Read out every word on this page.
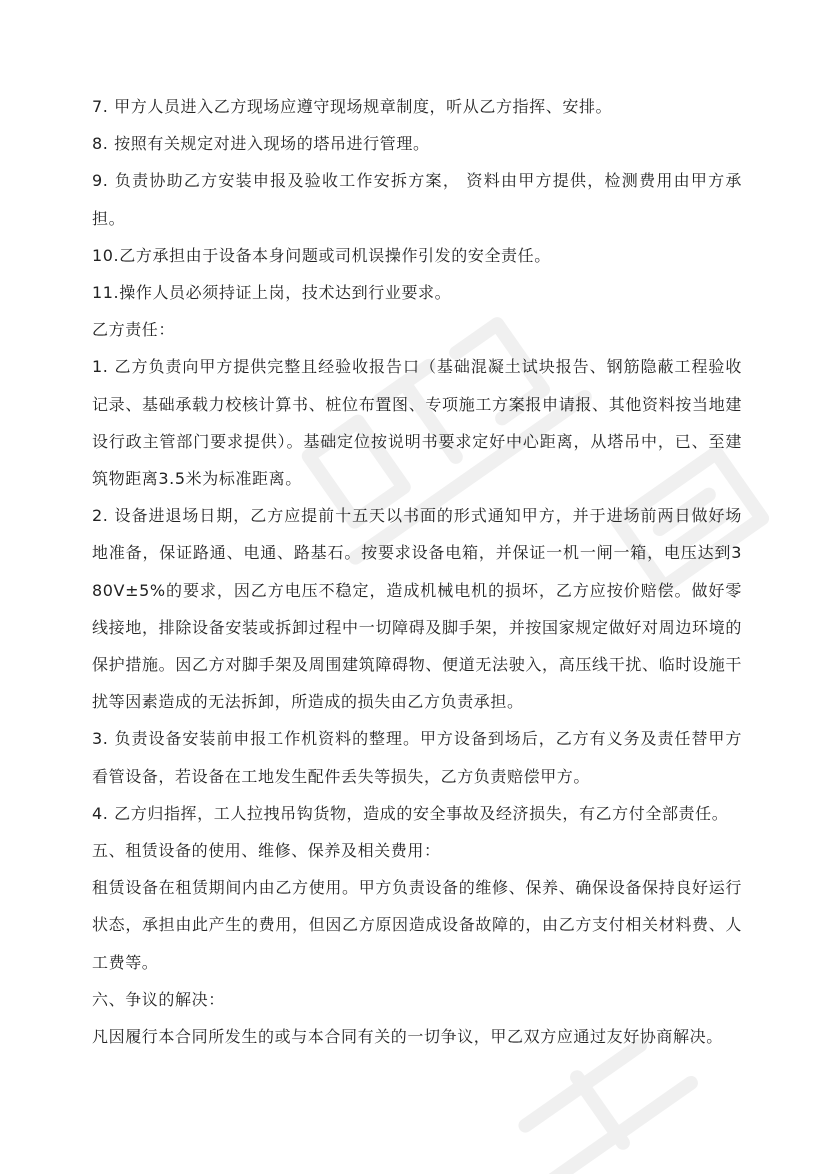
7. 甲方人员进入乙方现场应遵守现场规章制度，听从乙方指挥、安排。

8. 按照有关规定对进入现场的塔吊进行管理。

9. 负责协助乙方安装申报及验收工作安拆方案， 资料由甲方提供，检测费用由甲方承担。

10.乙方承担由于设备本身问题或司机误操作引发的安全责任。

11.操作人员必须持证上岗，技术达到行业要求。

乙方责任：

1. 乙方负责向甲方提供完整且经验收报告口（基础混凝土试块报告、钢筋隐蔽工程验收记录、基础承载力校核计算书、桩位布置图、专项施工方案报申请报、其他资料按当地建设行政主管部门要求提供）。基础定位按说明书要求定好中心距离，从塔吊中，已、至建筑物距离3.5米为标准距离。

2. 设备进退场日期，乙方应提前十五天以书面的形式通知甲方，并于进场前两日做好场地准备，保证路通、电通、路基石。按要求设备电箱，并保证一机一闸一箱，电压达到380V±5%的要求，因乙方电压不稳定，造成机械电机的损坏，乙方应按价赔偿。做好零线接地，排除设备安装或拆卸过程中一切障碍及脚手架，并按国家规定做好对周边环境的保护措施。因乙方对脚手架及周围建筑障碍物、便道无法驶入，高压线干扰、临时设施干扰等因素造成的无法拆卸，所造成的损失由乙方负责承担。

3. 负责设备安装前申报工作机资料的整理。甲方设备到场后，乙方有义务及责任替甲方看管设备，若设备在工地发生配件丢失等损失，乙方负责赔偿甲方。

4. 乙方归指挥，工人拉拽吊钩货物，造成的安全事故及经济损失，有乙方付全部责任。

五、租赁设备的使用、维修、保养及相关费用：

租赁设备在租赁期间内由乙方使用。甲方负责设备的维修、保养、确保设备保持良好运行状态，承担由此产生的费用，但因乙方原因造成设备故障的，由乙方支付相关材料费、人工费等。

六、争议的解决：

凡因履行本合同所发生的或与本合同有关的一切争议，甲乙双方应通过友好协商解决。
